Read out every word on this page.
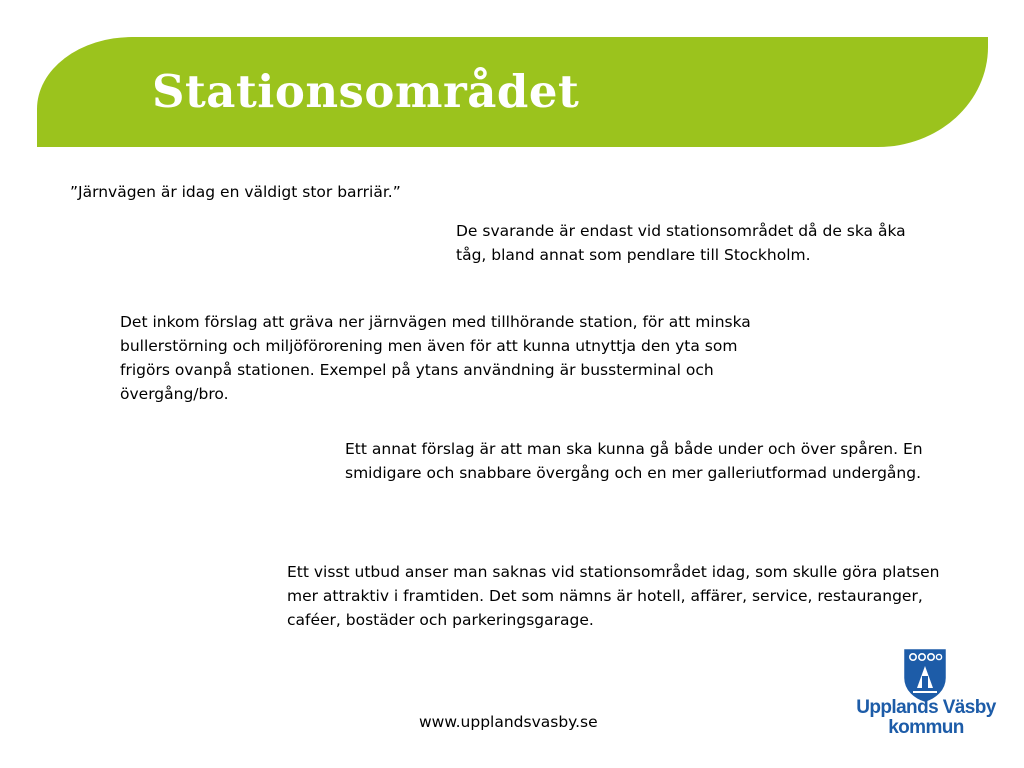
Stationsområdet

”Järnvägen är idag en väldigt stor barriär.”

De svarande är endast vid stationsområdet då de ska åka tåg, bland annat som pendlare till Stockholm.

Det inkom förslag att gräva ner järnvägen med tillhörande station, för att minska bullerstörning och miljöförorening men även för att kunna utnyttja den yta som frigörs ovanpå stationen. Exempel på ytans användning är bussterminal och övergång/bro.

Ett annat förslag är att man ska kunna gå både under och över spåren. En smidigare och snabbare övergång och en mer galleriutformad undergång.

Ett visst utbud anser man saknas vid stationsområdet idag, som skulle göra platsen mer attraktiv i framtiden. Det som nämns är hotell, affärer, service, restauranger, caféer, bostäder och parkeringsgarage.

www.upplandsvasby.se

Upplands Väsby
kommun
